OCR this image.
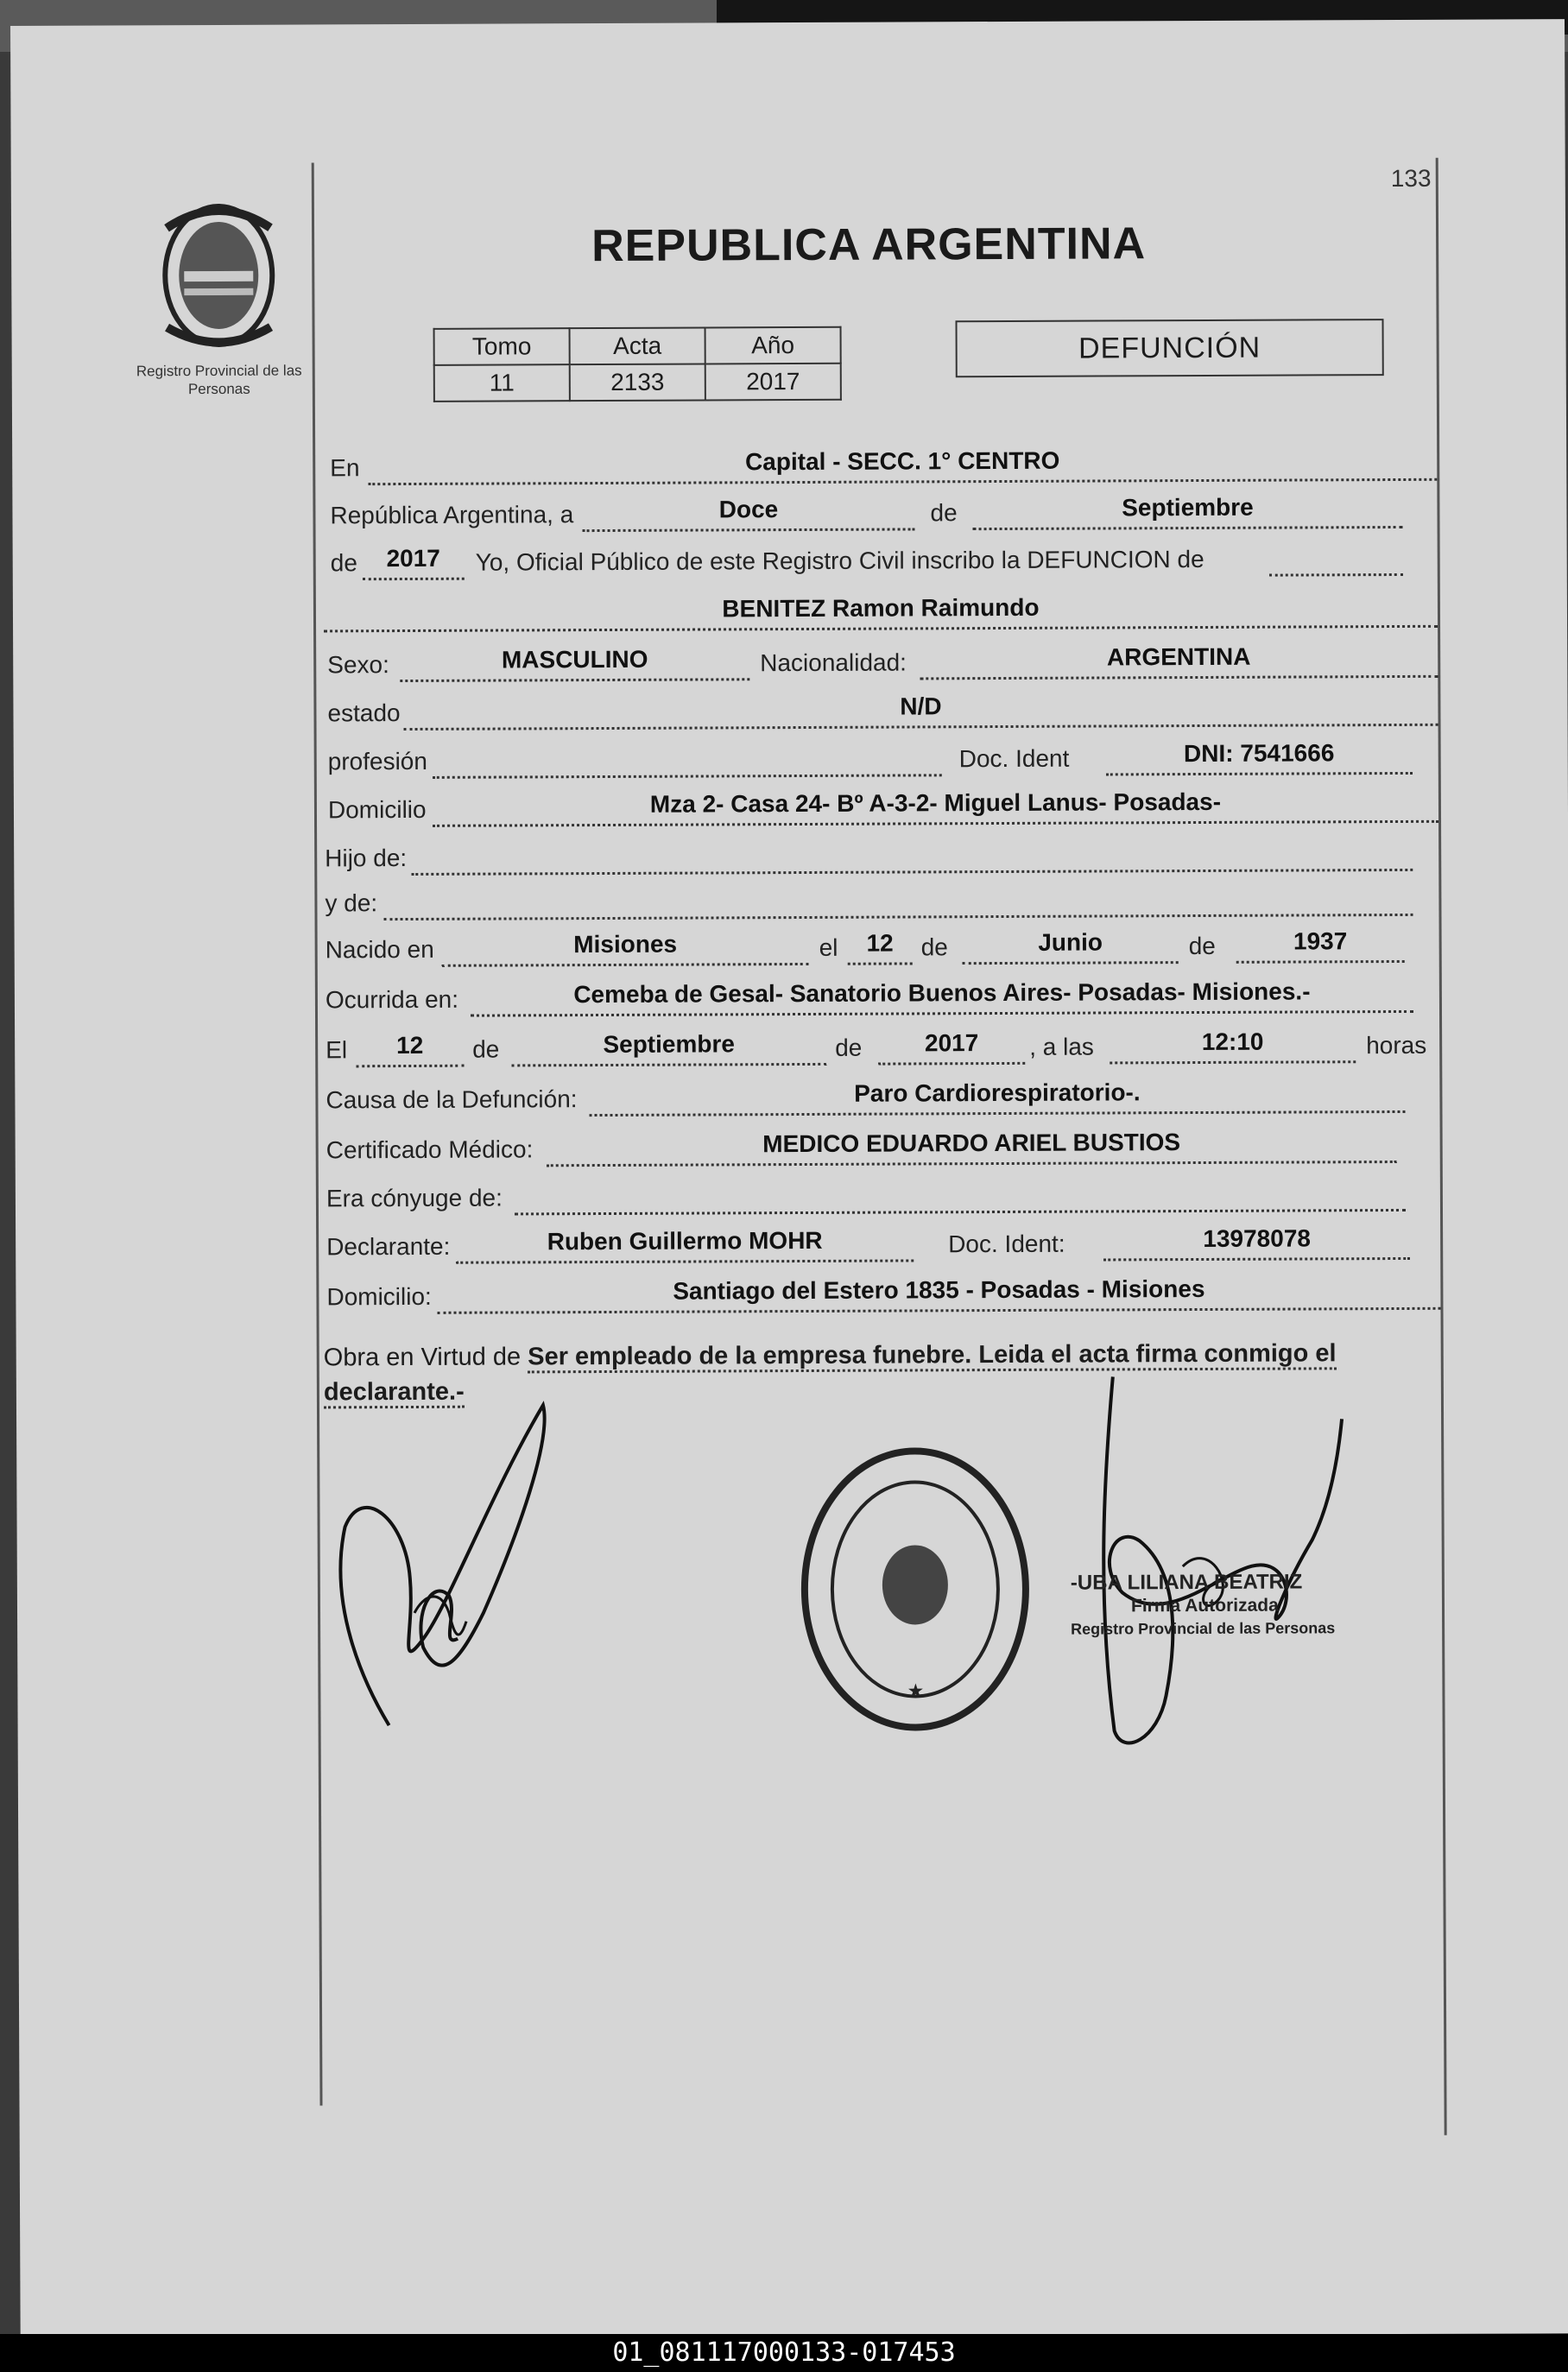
133
Registro Provincial de las Personas
REPUBLICA ARGENTINA
Tomo	Acta	Año
11	2133	2017
DEFUNCIÓN
En	Capital - SECC. 1° CENTRO
República Argentina, a	Doce	de	Septiembre
de	2017	Yo, Oficial Público de este Registro Civil inscribo la DEFUNCION de
BENITEZ Ramon Raimundo
Sexo:	MASCULINO	Nacionalidad:	ARGENTINA
estado	N/D
profesión	Doc. Ident	DNI: 7541666
Domicilio	Mza 2- Casa 24- Bº A-3-2- Miguel Lanus- Posadas-
Hijo de:
y de:
Nacido en	Misiones	el	12	de	Junio	de	1937
Ocurrida en:	Cemeba de Gesal- Sanatorio Buenos Aires- Posadas- Misiones.-
El	12	de	Septiembre	de	2017	, a las	12:10	horas
Causa de la Defunción:	Paro Cardiorespiratorio-.
Certificado Médico:	MEDICO EDUARDO ARIEL BUSTIOS
Era cónyuge de:
Declarante:	Ruben Guillermo MOHR	Doc. Ident:	13978078
Domicilio:	Santiago del Estero 1835 - Posadas - Misiones
Obra en Virtud de Ser empleado de la empresa funebre. Leida el acta firma conmigo el declarante.-
★
-UBA LILIANA BEATRIZ
Firma Autorizada
Registro Provincial de las Personas
01_081117000133-017453
